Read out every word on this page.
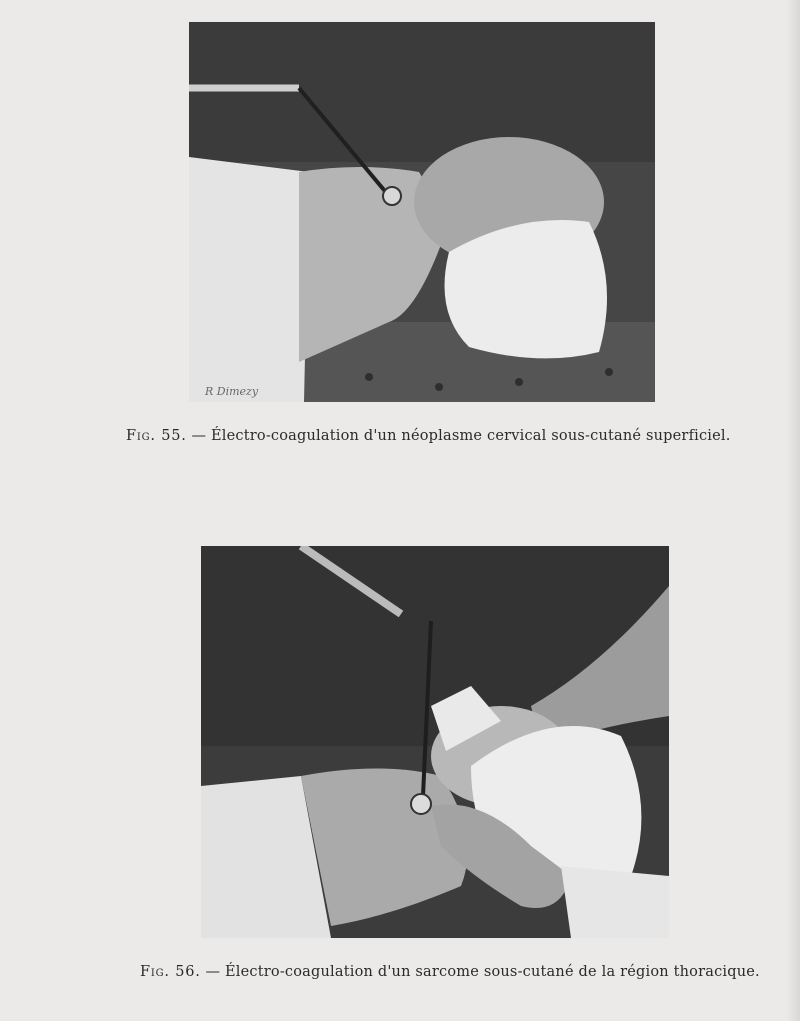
R Dimezy
Fig. 55. — Électro-coagulation d'un néoplasme cervical sous-cutané superficiel.
Fig. 56. — Électro-coagulation d'un sarcome sous-cutané de la région thoracique.
